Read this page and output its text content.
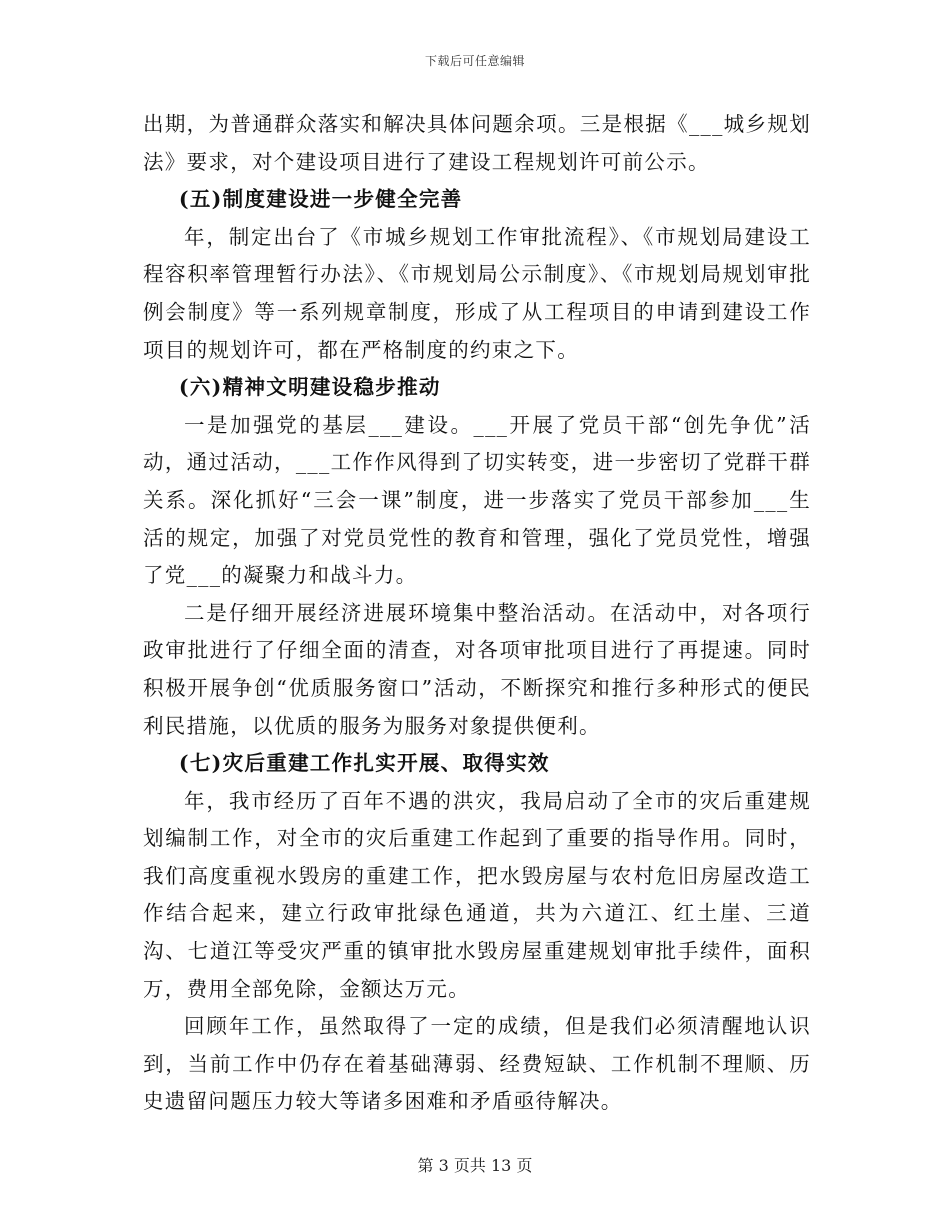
下载后可任意编辑

出期，为普通群众落实和解决具体问题余项。三是根据《___城乡规划法》要求，对个建设项目进行了建设工程规划许可前公示。

(五)制度建设进一步健全完善

年，制定出台了《市城乡规划工作审批流程》、《市规划局建设工程容积率管理暂行办法》、《市规划局公示制度》、《市规划局规划审批例会制度》等一系列规章制度，形成了从工程项目的申请到建设工作项目的规划许可，都在严格制度的约束之下。

(六)精神文明建设稳步推动

一是加强党的基层___建设。___开展了党员干部“创先争优”活动，通过活动，___工作作风得到了切实转变，进一步密切了党群干群关系。深化抓好“三会一课”制度，进一步落实了党员干部参加___生活的规定，加强了对党员党性的教育和管理，强化了党员党性，增强了党___的凝聚力和战斗力。

二是仔细开展经济进展环境集中整治活动。在活动中，对各项行政审批进行了仔细全面的清查，对各项审批项目进行了再提速。同时积极开展争创“优质服务窗口”活动，不断探究和推行多种形式的便民利民措施，以优质的服务为服务对象提供便利。

(七)灾后重建工作扎实开展、取得实效

年，我市经历了百年不遇的洪灾，我局启动了全市的灾后重建规划编制工作，对全市的灾后重建工作起到了重要的指导作用。同时，我们高度重视水毁房的重建工作，把水毁房屋与农村危旧房屋改造工作结合起来，建立行政审批绿色通道，共为六道江、红土崖、三道沟、七道江等受灾严重的镇审批水毁房屋重建规划审批手续件，面积万，费用全部免除，金额达万元。

回顾年工作，虽然取得了一定的成绩，但是我们必须清醒地认识到，当前工作中仍存在着基础薄弱、经费短缺、工作机制不理顺、历史遗留问题压力较大等诸多困难和矛盾亟待解决。

第 3 页共 13 页
